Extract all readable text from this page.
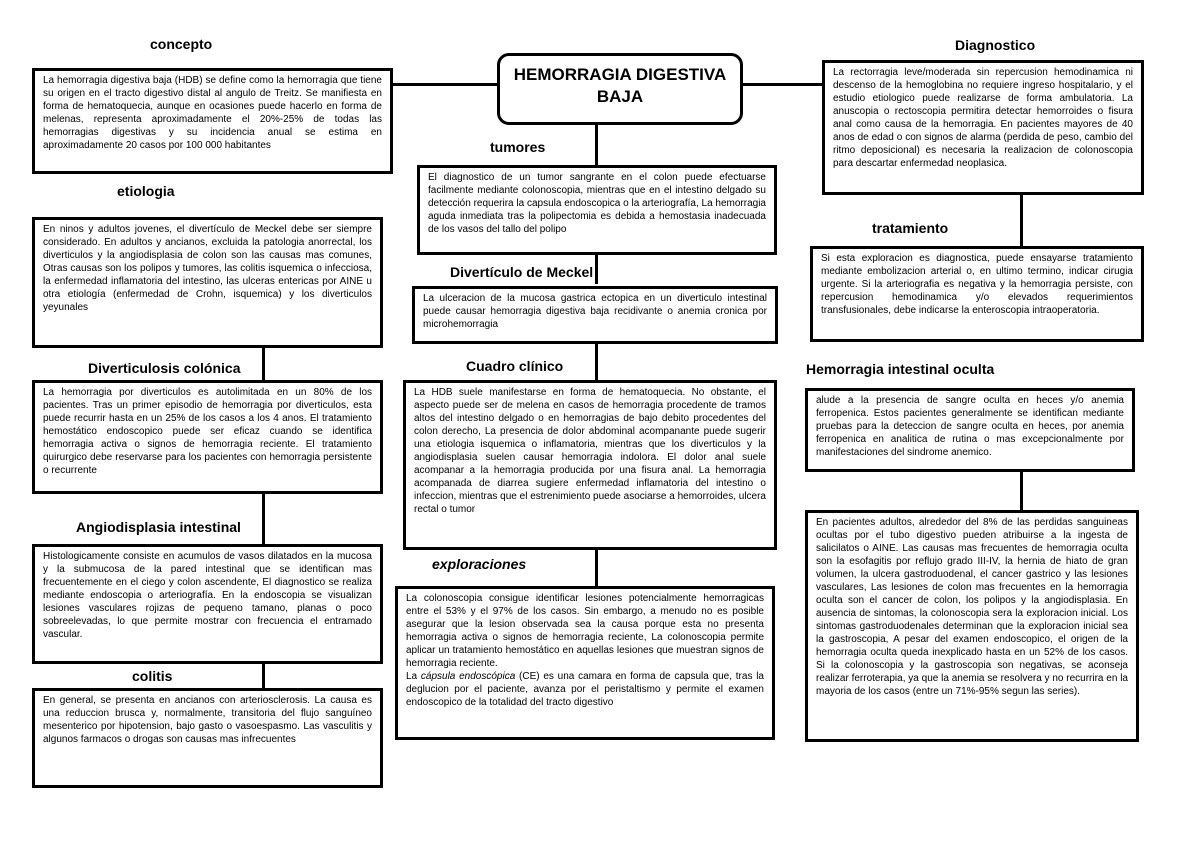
HEMORRAGIA DIGESTIVA
BAJA
concepto
La hemorragia digestiva baja (HDB) se define como la hemorragia que tiene su origen en el tracto digestivo distal al angulo de Treitz. Se manifiesta en forma de hematoquecia, aunque en ocasiones puede hacerlo en forma de melenas, representa aproximadamente el 20%-25% de todas las hemorragias digestivas y su incidencia anual se estima en aproximadamente 20 casos por 100 000 habitantes
etiologia
En ninos y adultos jovenes, el divertículo de Meckel debe ser siempre considerado. En adultos y ancianos, excluida la patologia anorrectal, los diverticulos y la angiodisplasia de colon son las causas mas comunes, Otras causas son los polipos y tumores, las colitis isquemica o infecciosa, la enfermedad inflamatoria del intestino, las ulceras entericas por AINE u otra etiología (enfermedad de Crohn, isquemica) y los diverticulos yeyunales
Diverticulosis colónica
La hemorragia por diverticulos es autolimitada en un 80% de los pacientes. Tras un primer episodio de hemorragia por diverticulos, esta puede recurrir hasta en un 25% de los casos a los 4 anos. El tratamiento hemostático endoscopico puede ser eficaz cuando se identifica hemorragia activa o signos de hemorragia reciente. El tratamiento quirurgico debe reservarse para los pacientes con hemorragia persistente o recurrente
Angiodisplasia intestinal
Histologicamente consiste en acumulos de vasos dilatados en la mucosa y la submucosa de la pared intestinal que se identifican mas frecuentemente en el ciego y colon ascendente, El diagnostico se realiza mediante endoscopia o arteriografía. En la endoscopia se visualizan lesiones vasculares rojizas de pequeno tamano, planas o poco sobreelevadas, lo que permite mostrar con frecuencia el entramado vascular.
colitis
En general, se presenta en ancianos con arteriosclerosis. La causa es una reduccion brusca y, normalmente, transitoria del flujo sanguíneo mesenterico por hipotension, bajo gasto o vasoespasmo. Las vasculitis y algunos farmacos o drogas son causas mas infrecuentes
tumores
El diagnostico de un tumor sangrante en el colon puede efectuarse facilmente mediante colonoscopia, mientras que en el intestino delgado su detección requerira la capsula endoscopica o la arteriografía, La hemorragia aguda inmediata tras la polipectomia es debida a hemostasia inadecuada de los vasos del tallo del polipo
Divertículo de Meckel
La ulceracion de la mucosa gastrica ectopica en un diverticulo intestinal puede causar hemorragia digestiva baja recidivante o anemia cronica por microhemorragia
Cuadro clínico
La HDB suele manifestarse en forma de hematoquecia. No obstante, el aspecto puede ser de melena en casos de hemorragia procedente de tramos altos del intestino delgado o en hemorragias de bajo debito procedentes del colon derecho, La presencia de dolor abdominal acompanante puede sugerir una etiologia isquemica o inflamatoria, mientras que los diverticulos y la angiodisplasia suelen causar hemorragia indolora. El dolor anal suele acompanar a la hemorragia producida por una fisura anal. La hemorragia acompanada de diarrea sugiere enfermedad inflamatoria del intestino o infeccion, mientras que el estrenimiento puede asociarse a hemorroides, ulcera rectal o tumor
exploraciones
La colonoscopia consigue identificar lesiones potencialmente hemorragicas entre el 53% y el 97% de los casos. Sin embargo, a menudo no es posible asegurar que la lesion observada sea la causa porque esta no presenta hemorragia activa o signos de hemorragia reciente, La colonoscopia permite aplicar un tratamiento hemostático en aquellas lesiones que muestran signos de hemorragia reciente.
La cápsula endoscópica (CE) es una camara en forma de capsula que, tras la deglucion por el paciente, avanza por el peristaltismo y permite el examen endoscopico de la totalidad del tracto digestivo
Diagnostico
La rectorragia leve/moderada sin repercusion hemodinamica ni descenso de la hemoglobina no requiere ingreso hospitalario, y el estudio etiologico puede realizarse de forma ambulatoria. La anuscopia o rectoscopia permitira detectar hemorroides o fisura anal como causa de la hemorragia. En pacientes mayores de 40 anos de edad o con signos de alarma (perdida de peso, cambio del ritmo deposicional) es necesaria la realizacion de colonoscopia para descartar enfermedad neoplasica.
tratamiento
Si esta exploracion es diagnostica, puede ensayarse tratamiento mediante embolizacion arterial o, en ultimo termino, indicar cirugia urgente. Si la arteriografia es negativa y la hemorragia persiste, con repercusion hemodinamica y/o elevados requerimientos transfusionales, debe indicarse la enteroscopia intraoperatoria.
Hemorragia intestinal oculta
alude a la presencia de sangre oculta en heces y/o anemia ferropenica. Estos pacientes generalmente se identifican mediante pruebas para la deteccion de sangre oculta en heces, por anemia ferropenica en analitica de rutina o mas excepcionalmente por manifestaciones del sindrome anemico.
En pacientes adultos, alrededor del 8% de las perdidas sanguineas ocultas por el tubo digestivo pueden atribuirse a la ingesta de salicilatos o AINE. Las causas mas frecuentes de hemorragia oculta son la esofagitis por reflujo grado III-IV, la hernia de hiato de gran volumen, la ulcera gastroduodenal, el cancer gastrico y las lesiones vasculares, Las lesiones de colon mas frecuentes en la hemorragia oculta son el cancer de colon, los polipos y la angiodisplasia. En ausencia de sintomas, la colonoscopia sera la exploracion inicial. Los sintomas gastroduodenales determinan que la exploracion inicial sea la gastroscopia, A pesar del examen endoscopico, el origen de la hemorragia oculta queda inexplicado hasta en un 52% de los casos. Si la colonoscopia y la gastroscopia son negativas, se aconseja realizar ferroterapia, ya que la anemia se resolvera y no recurrira en la mayoria de los casos (entre un 71%-95% segun las series).
